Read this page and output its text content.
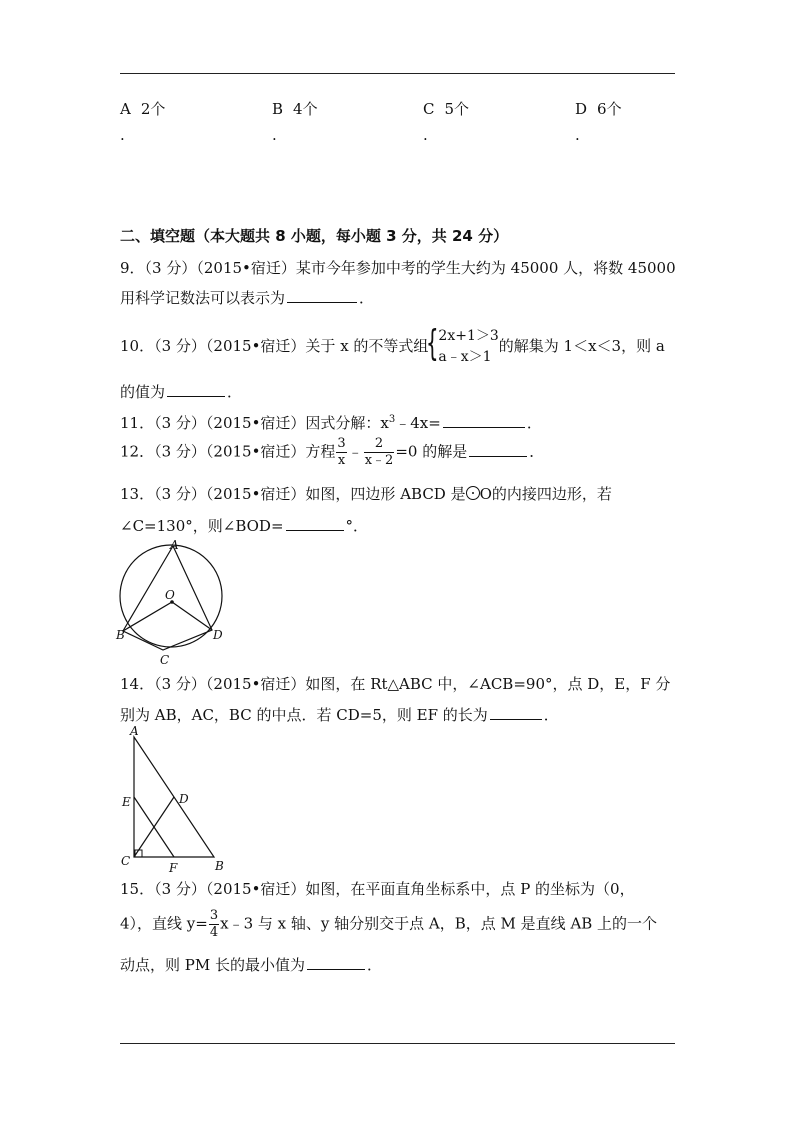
A 2个
.
B 4个
.
C 5个
.
D 6个
.
二、填空题（本大题共 8 小题，每小题 3 分，共 24 分）
9．（3 分）（2015•宿迁）某市今年参加中考的学生大约为 45000 人，将数 45000
用科学记数法可以表示为	．
10．（3 分）（2015•宿迁）关于 x 的不等式组
{ 2x+1＞3
a﹣x＞1
的解集为 1＜x＜3，则 a
的值为	．
11．（3 分）（2015•宿迁）因式分解：$x^3﹣4x=$	．
12．（3 分）（2015•宿迁）方程 $\frac{3}{x}$ ﹣ $\frac{2}{x﹣2} =0$ 的解是	．
13．（3 分）（2015•宿迁）如图，四边形 ABCD 是 O的内接四边形，若
∠C=130°，则∠BOD=	°．
A
B
C
D
O
14．（3 分）（2015•宿迁）如图，在 Rt△ABC 中，∠ACB=90°，点 D，E，F 分
别为 AB，AC，BC 的中点．若 CD=5，则 EF 的长为	．
A
B
C
D
E
F
15．（3 分）（2015•宿迁）如图，在平面直角坐标系中，点 P 的坐标为（0，
4），直线 $y= \frac{3}{4}$ x﹣3 与 x 轴、y 轴分别交于点 A，B，点 M 是直线 AB 上的一个
动点，则 PM 长的最小值为	．
